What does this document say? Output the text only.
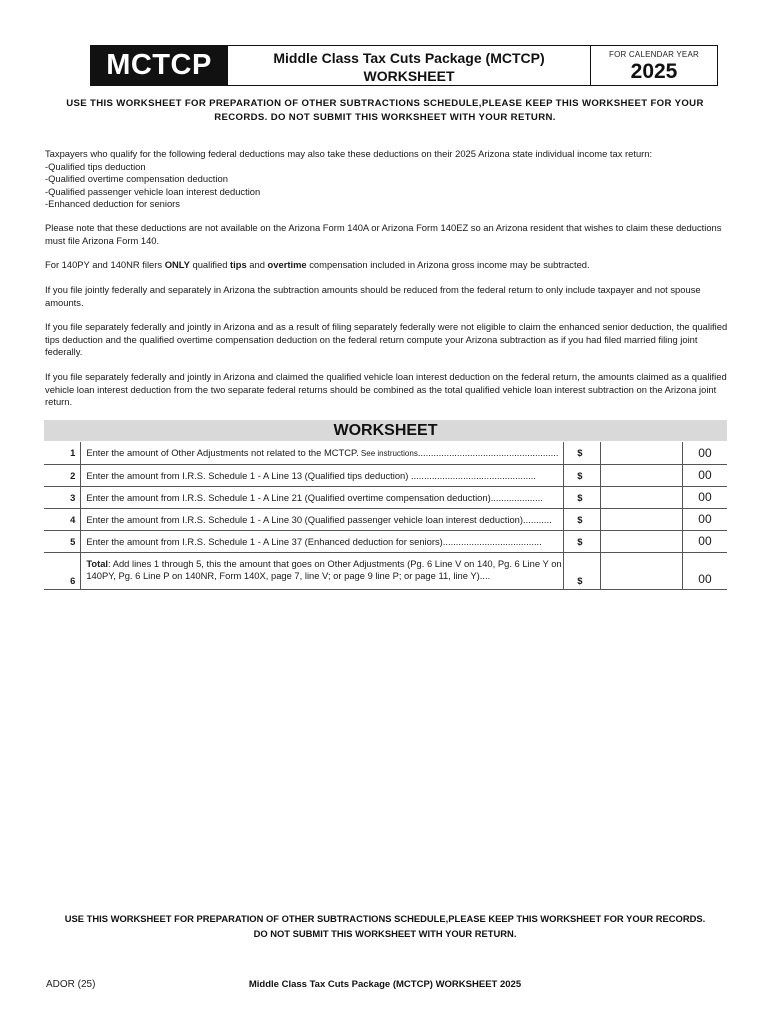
MCTCP	Middle Class Tax Cuts Package (MCTCP)
WORKSHEET
FOR CALENDAR YEAR
2025
USE THIS WORKSHEET FOR PREPARATION OF OTHER SUBTRACTIONS SCHEDULE,PLEASE KEEP THIS WORKSHEET FOR YOUR RECORDS. DO NOT SUBMIT THIS WORKSHEET WITH YOUR RETURN.

Taxpayers who qualify for the following federal deductions may also take these deductions on their 2025 Arizona state individual income tax return:

-Qualified tips deduction

-Qualified overtime compensation deduction

-Qualified passenger vehicle loan interest deduction

-Enhanced deduction for seniors

Please note that these deductions are not available on the Arizona Form 140A or Arizona Form 140EZ so an Arizona resident that wishes to claim these deductions must file Arizona Form 140.
For 140PY and 140NR filers ONLY qualified tips and overtime compensation included in Arizona gross income may be subtracted.
If you file jointly federally and separately in Arizona the subtraction amounts should be reduced from the federal return to only include taxpayer and not spouse amounts.
If you file separately federally and jointly in Arizona and as a result of filing separately federally were not eligible to claim the enhanced senior deduction, the qualified tips deduction and the qualified overtime compensation deduction on the federal return compute your Arizona subtraction as if you had filed married filing joint federally.
If you file separately federally and jointly in Arizona and claimed the qualified vehicle loan interest deduction on the federal return, the amounts claimed as a qualified vehicle loan interest deduction from the two separate federal returns should be combined as the total qualified vehicle loan interest subtraction on the Arizona joint return.
WORKSHEET
1	Enter the amount of Other Adjustments not related to the MCTCP. See instructions......................................................	$		00
2	Enter the amount from I.R.S. Schedule 1 - A Line 13 (Qualified tips deduction) ................................................	$		00
3	Enter the amount from I.R.S. Schedule 1 - A Line 21 (Qualified overtime compensation deduction)....................	$		00
4	Enter the amount from I.R.S. Schedule 1 - A Line 30 (Qualified passenger vehicle loan interest deduction)...........	$		00
5	Enter the amount from I.R.S. Schedule 1 - A Line 37 (Enhanced deduction for seniors)......................................	$		00
6	Total: Add lines 1 through 5, this the amount that goes on Other Adjustments (Pg. 6 Line V on 140, Pg. 6 Line Y on 140PY, Pg. 6 Line P on 140NR, Form 140X, page 7, line V; or page 9 line P; or page 11, line Y)....	$		00
USE THIS WORKSHEET FOR PREPARATION OF OTHER SUBTRACTIONS SCHEDULE,PLEASE KEEP THIS WORKSHEET FOR YOUR RECORDS.
DO NOT SUBMIT THIS WORKSHEET WITH YOUR RETURN.
ADOR (25)	Middle Class Tax Cuts Package (MCTCP) WORKSHEET 2025
